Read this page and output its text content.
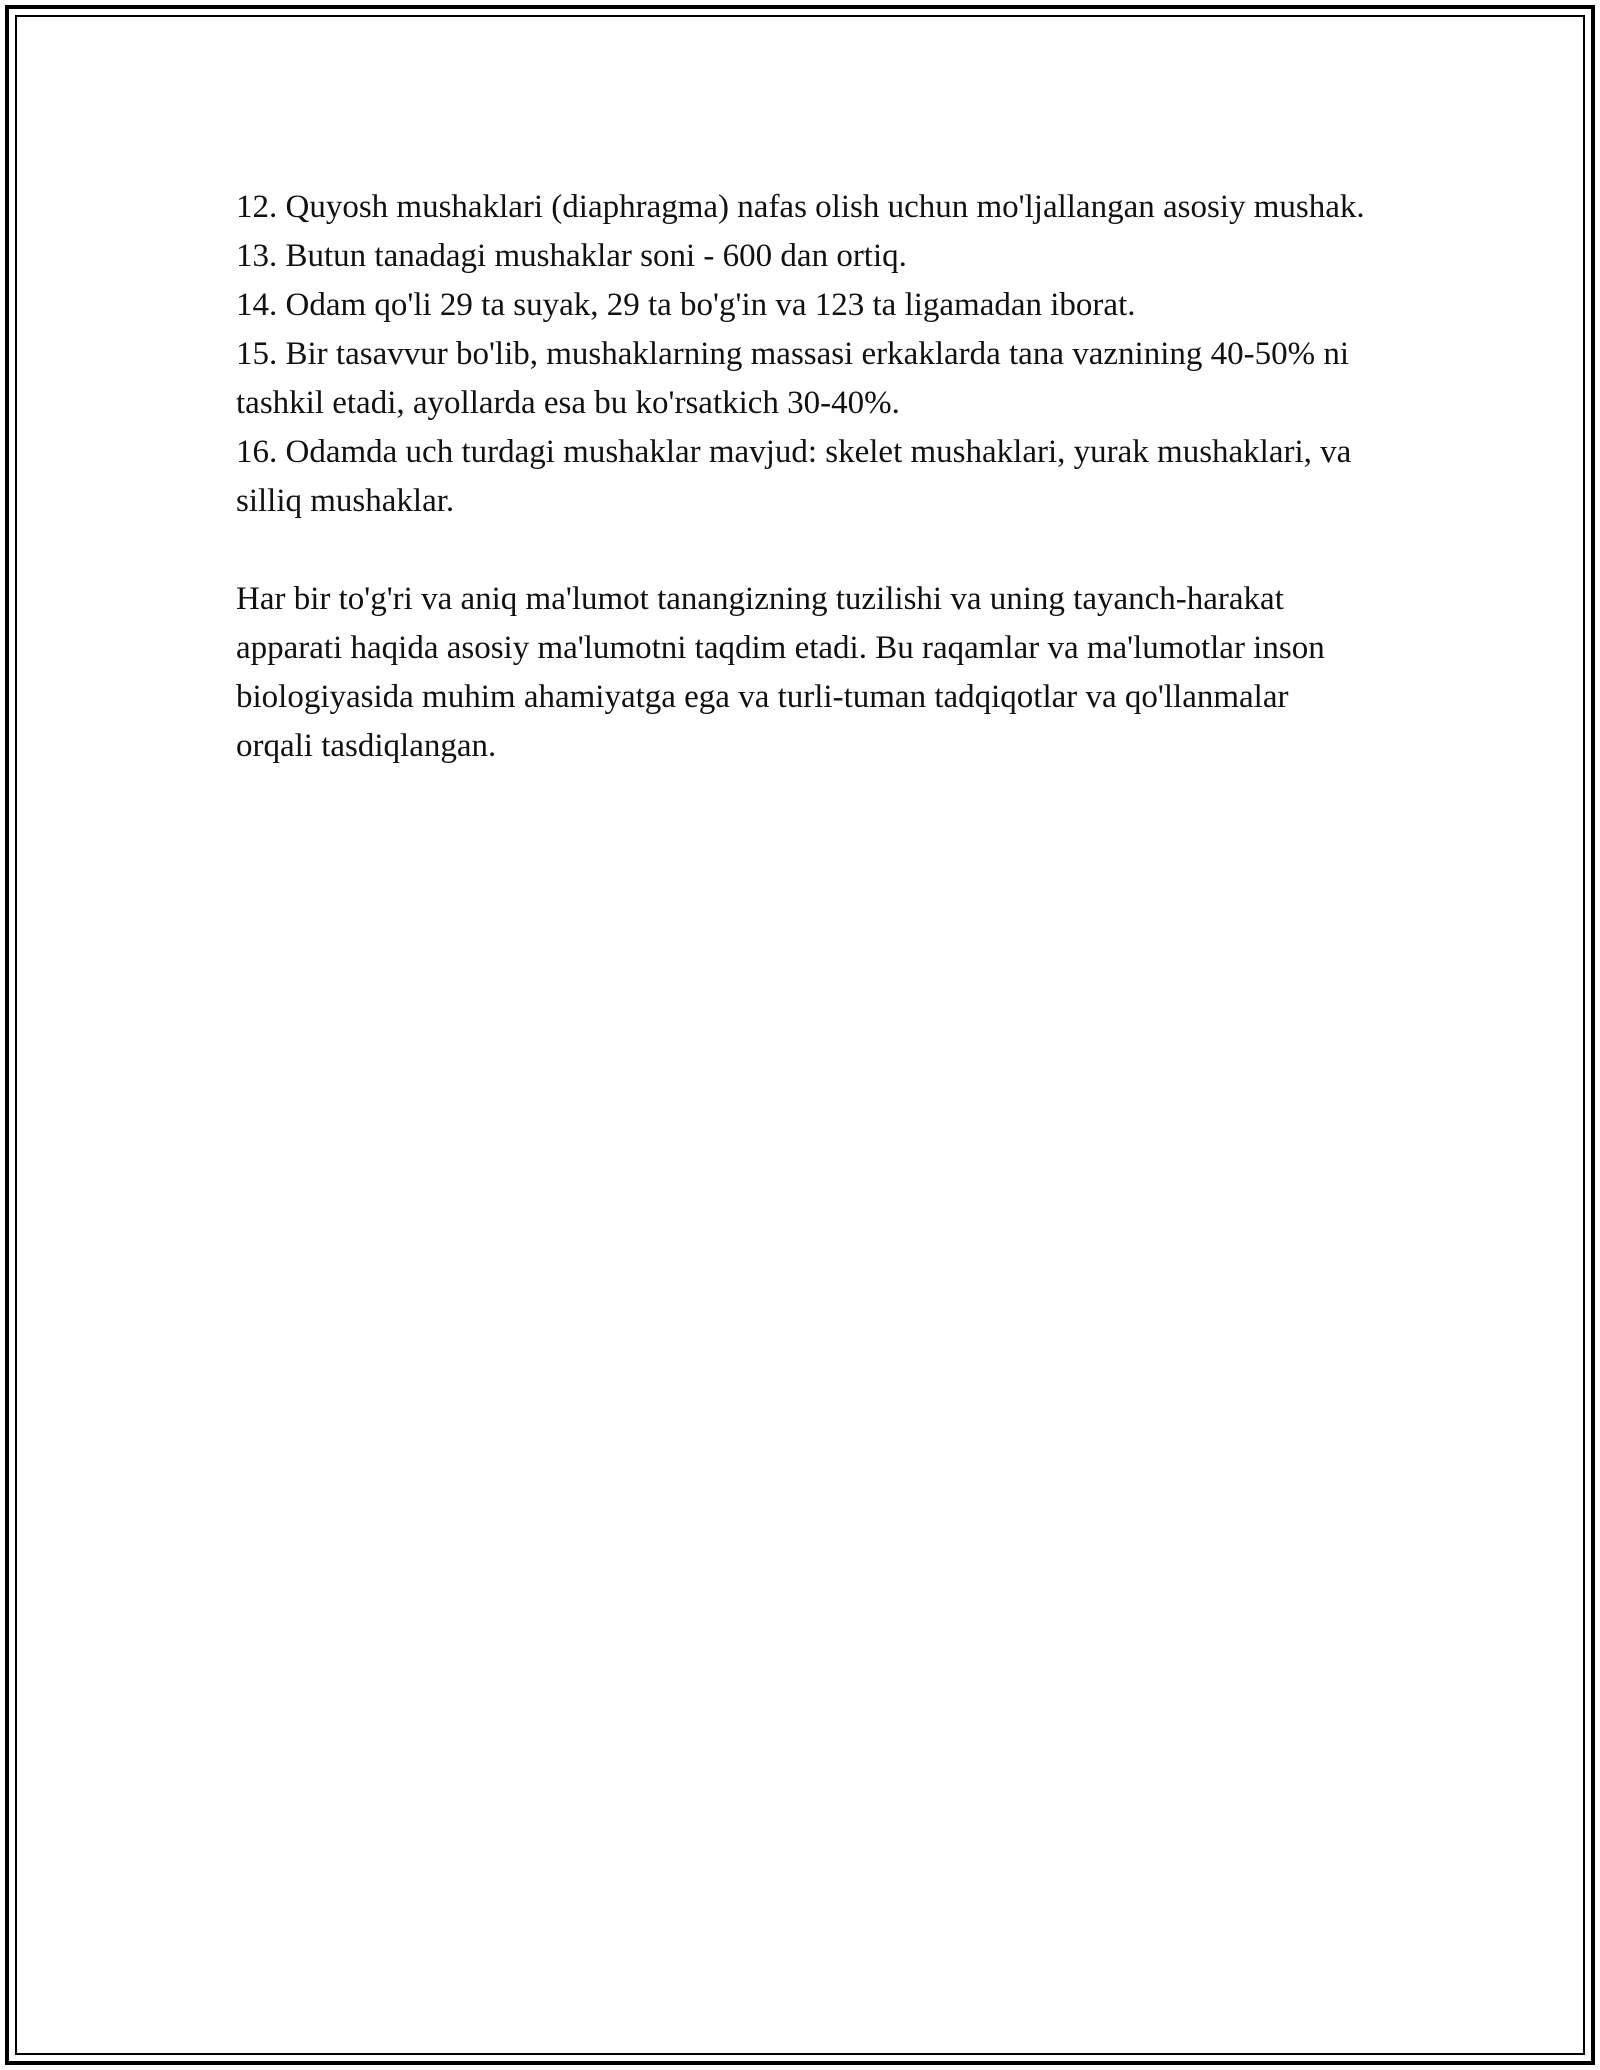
12. Quyosh mushaklari (diaphragma) nafas olish uchun mo'ljallangan asosiy mushak.

13. Butun tanadagi mushaklar soni - 600 dan ortiq.

14. Odam qo'li 29 ta suyak, 29 ta bo'g'in va 123 ta ligamadan iborat.

15. Bir tasavvur bo'lib, mushaklarning massasi erkaklarda tana vaznining 40-50% ni tashkil etadi, ayollarda esa bu ko'rsatkich 30-40%.

16. Odamda uch turdagi mushaklar mavjud: skelet mushaklari, yurak mushaklari, va silliq mushaklar.

Har bir to'g'ri va aniq ma'lumot tanangizning tuzilishi va uning tayanch-harakat apparati haqida asosiy ma'lumotni taqdim etadi. Bu raqamlar va ma'lumotlar inson biologiyasida muhim ahamiyatga ega va turli-tuman tadqiqotlar va qo'llanmalar orqali tasdiqlangan.
